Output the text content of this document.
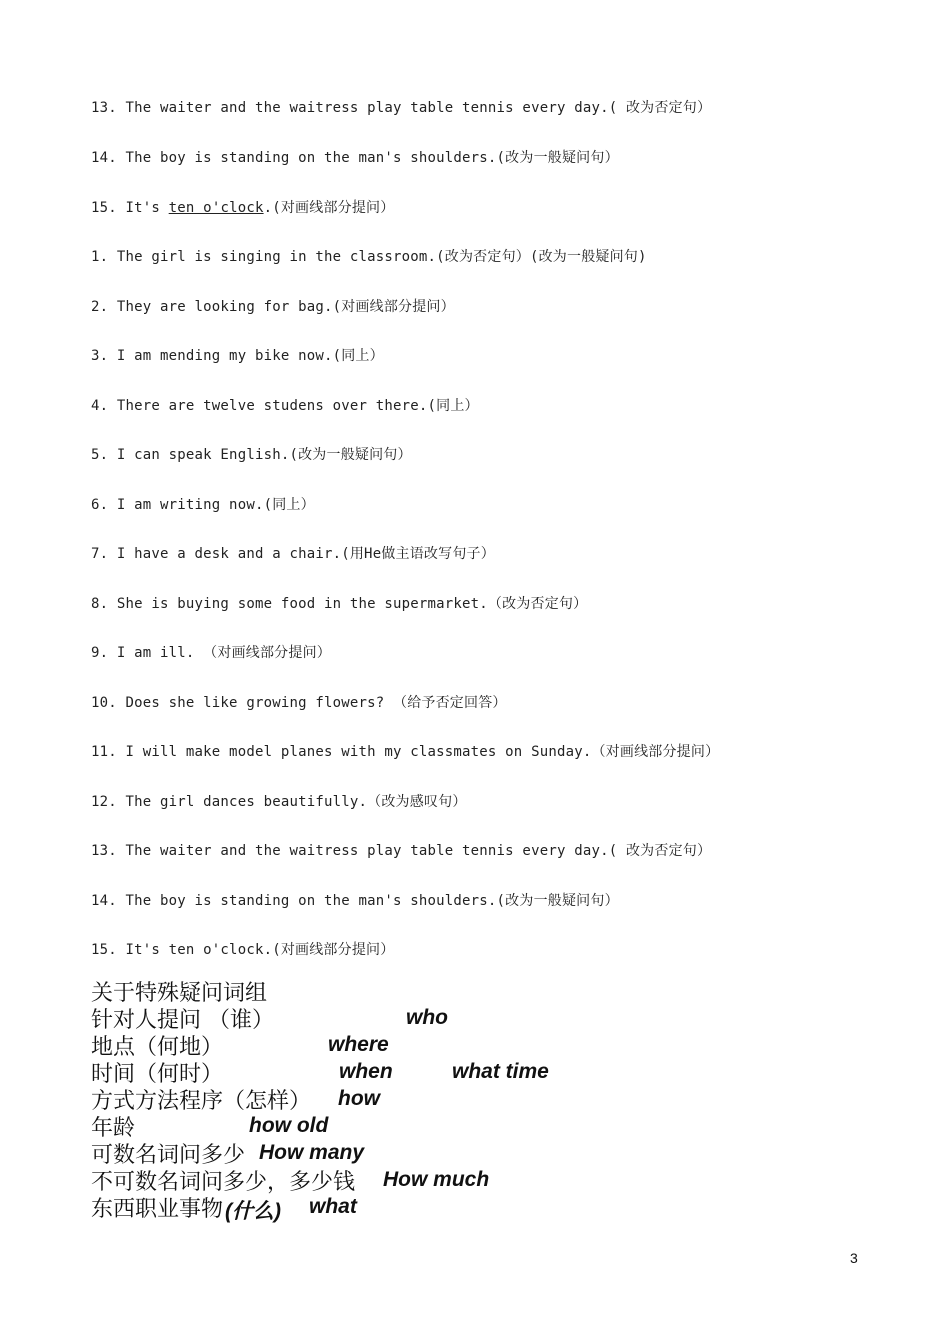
13. The waiter and the waitress play table tennis every day.( 改为否定句）

14. The boy is standing on the man's shoulders.(改为一般疑问句）

15. It's ten o'clock.(对画线部分提问）

1. The girl is singing in the classroom.(改为否定句）(改为一般疑问句)

2. They are looking for bag.(对画线部分提问）

3. I am mending my bike now.(同上）

4. There are twelve studens over there.(同上）

5. I can speak English.(改为一般疑问句）

6. I am writing now.(同上）

7. I have a desk and a chair.(用He做主语改写句子）

8. She is buying some food in the supermarket.（改为否定句）

9. I am ill. （对画线部分提问）

10. Does she like growing flowers? （给予否定回答）

11. I will make model planes with my classmates on Sunday.（对画线部分提问）

12. The girl dances beautifully.（改为感叹句）

13. The waiter and the waitress play table tennis every day.( 改为否定句）

14. The boy is standing on the man's shoulders.(改为一般疑问句）

15. It's ten o'clock.(对画线部分提问）

关于特殊疑问词组

针对人提问 （谁）	who

地点（何地）	where

时间（何时）	when	what time

方式方法程序（怎样） how

年龄	how old

可数名词问多少 How many

不可数名词问多少，多少钱 How much

东西职业事物 (什么) what

3
